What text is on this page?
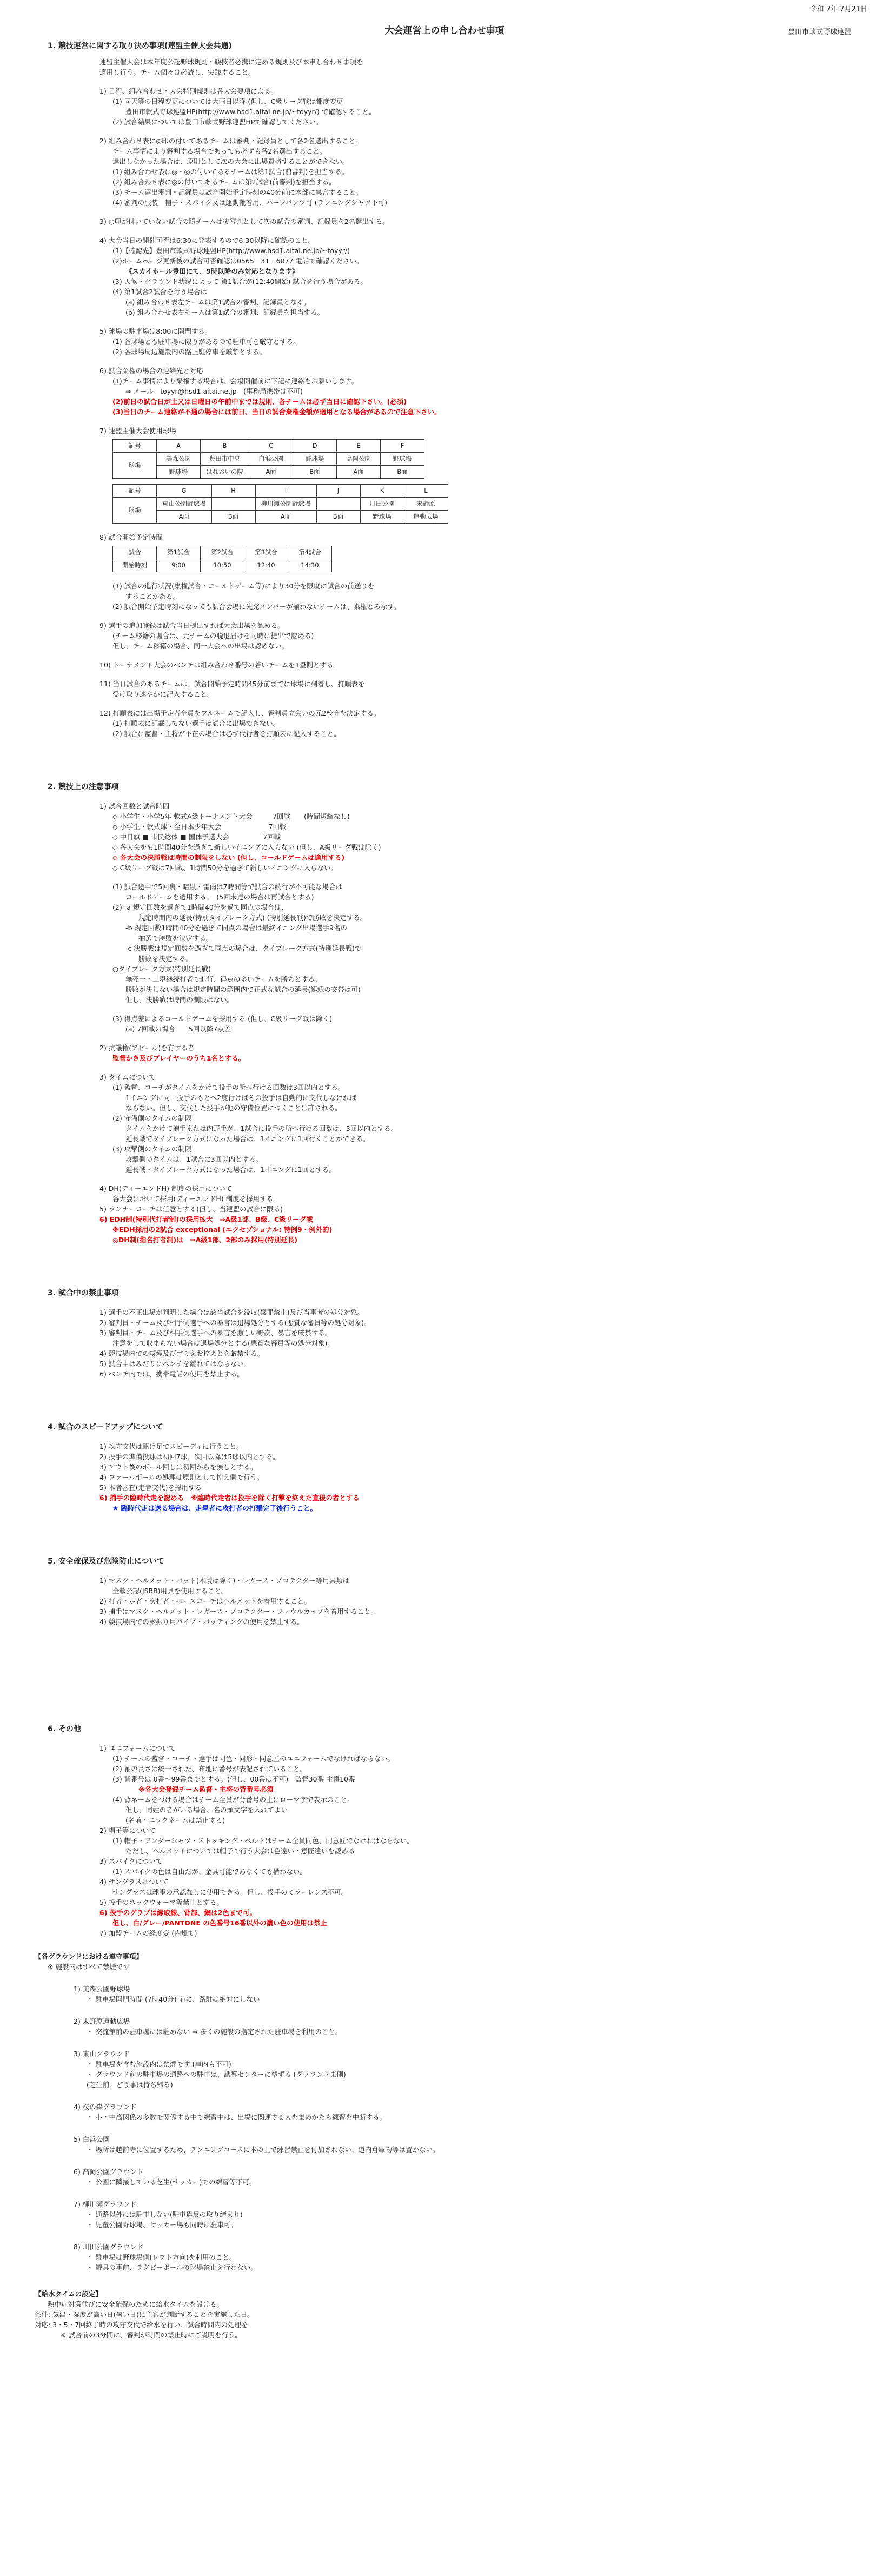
令和 7年 7月21日
大会運営上の申し合わせ事項	豊田市軟式野球連盟
1. 競技運営に関する取り決め事項(連盟主催大会共通)
連盟主催大会は本年度公認野球規則・競技者必携に定める規則及び本申し合わせ事項を
適用し行う。チーム個々は必読し、実践すること。
1) 日程、組み合わせ・大会特別規則は各大会要項による。
(1) 同天等の日程変更については大雨日以降 (但し、C級リーグ戦は都度変更
豊田市軟式野球連盟HP(http://www.hsd1.aitai.ne.jp/~toyyr/) で確認すること。
(2) 試合結果については豊田市軟式野球連盟HPで確認してください。
2) 組み合わせ表に◎印の付いてあるチームは審判・記録員として各2名選出すること。
チーム事情により審判する場合であっても必ずも各2名選出すること。
選出しなかった場合は、原則として次の大会に出場資格することができない。
(1) 組み合わせ表に◎・◎の付いてあるチームは第1試合(前審判)を担当する。
(2) 組み合わせ表に◎の付いてあるチームは第2試合(前審判)を担当する。
(3) チーム選出審判・記録員は試合開始予定時刻の40分前に本部に集合すること。
(4) 審判の服装　帽子・スパイク又は運動靴着用、ハーフパンツ可 (ランニングシャツ不可)
3) ○印が付いていない試合の勝チームは後審判として次の試合の審判、記録員を2名選出する。
4) 大会当日の開催可否は6:30に発表するので6:30以降に確認のこと。
(1)【確認先】豊田市軟式野球連盟HP(http://www.hsd1.aitai.ne.jp/~toyyr/)
(2)ホームページ更新後の試合可否確認は0565－31－6077 電話で確認ください。
《スカイホール豊田にて、9時以降のみ対応となります》
(3) 天候・グラウンド状況によって 第1試合が(12:40開始) 試合を行う場合がある。
(4) 第1試合2試合を行う場合は
(a) 組み合わせ表左チームは第1試合の審判、記録員となる。
(b) 組み合わせ表右チームは第1試合の審判、記録員を担当する。
5) 球場の駐車場は8:00に開門する。
(1) 各球場とも駐車場に限りがあるので駐車可を厳守とする。
(2) 各球場周辺施設内の路上駐停車を厳禁とする。
6) 試合棄権の場合の連絡先と対応
(1)チーム事情により棄権する場合は、会場開催前に下記に連絡をお願いします。
⇒ メール　toyyr@hsd1.aitai.ne.jp　(事務局携帯は不可)
(2)前日の試合日が土又は日曜日の午前中までは規則、各チームは必ず当日に確認下さい。(必須)
(3)当日のチーム連絡が不通の場合には前日、当日の試合棄権金額が適用となる場合があるので注意下さい。
7) 連盟主催大会使用球場
記号	A	B	C	D	E	F
球場	美森公園	豊田市中央	白浜公園	野球場	高岡公園	野球場
	野球場	はれおいの院	A面	B面	A面	B面
記号	G	H	I	J	K	L
球場	東山公園野球場		柳川瀬公園野球場		川田公園	末野原
	A面	B面	A面	B面	野球場	運動広場
8) 試合開始予定時間
試合	第1試合	第2試合	第3試合	第4試合
開始時刻	9:00	10:50	12:40	14:30
(1) 試合の進行状況(集権試合・コールドゲーム等)により30分を限度に試合の前送りを
することがある。
(2) 試合開始予定時刻になっても試合会場に先発メンバーが揃わないチームは、棄権とみなす。
9) 選手の追加登録は試合当日提出すれば大会出場を認める。
(チーム移籍の場合は、元チームの脱退届けを同時に提出で認める)
但し、チーム移籍の場合、同一大会への出場は認めない。
10) トーナメント大会のベンチは組み合わせ番号の若いチームを1塁側とする。
11) 当日試合のあるチームは、試合開始予定時間45分前までに球場に到着し、打順表を
受け取り速やかに記入すること。
12) 打順表には出場予定者全員をフルネームで記入し、審判員立会いの元2校守を決定する。
(1) 打順表に記載してない選手は試合に出場できない。
(2) 試合に監督・主将が不在の場合は必ず代行者を打順表に記入すること。
2. 競技上の注意事項
1) 試合回数と試合時間
◇ 小学生・小学5年 軟式A級トーナメント大会　　　7回戦　　(時間短縮なし)
◇ 小学生・軟式球・全日本少年大会　　　　　　　7回戦
◇ 中日旗 ■ 市民総体 ■ 国体予選大会　　　　　7回戦
◇ 各大会をも1時間40分を過ぎて新しいイニングに入らない (但し、A級リーグ戦は除く)
◇ 各大会の決勝戦は時間の制限をしない (但し、コールドゲームは適用する)
◇ C級リーグ戦は7回戦、1時間50分を過ぎて新しいイニングに入らない。
(1) 試合途中で5回裏・暗黒・雷雨は7時間等で試合の続行が不可能な場合は
コールドゲームを適用する。　(5回未達の場合は再試合とする)
(2) -a 規定回数を過ぎて1時間40分を過て同点の場合は、
規定時間内の延長(特別タイブレーク方式) (特別延長戦)で勝敗を決定する。
-b 規定回数1時間40分を過ぎて同点の場合は最終イニング出場選手9名の
抽選で勝敗を決定する。
-c 決勝戦は規定回数を過ぎて同点の場合は、タイブレーク方式(特別延長戦)で
勝敗を決定する。
○タイブレーク方式(特別延長戦)
無死一・二塁継続打者で進行、得点の多いチームを勝ちとする。
勝敗が決しない場合は規定時間の範囲内で正式な試合の延長(連続の交替は可)
但し、決勝戦は時間の制限はない。
(3) 得点差によるコールドゲームを採用する (但し、C級リーグ戦は除く)
(a) 7回戦の場合　　5回以降7点差
2) 抗議権(アピール)を有する者
監督かき及びプレイヤーのうち1名とする。
3) タイムについて
(1) 監督、コーチがタイムをかけて投手の所へ行ける回数は3回以内とする。
1イニングに同一投手のもとへ2度行けばその投手は自動的に交代しなければ
ならない。但し、交代した投手が他の守備位置につくことは許される。
(2) 守備側のタイムの制限
タイムをかけて捕手または内野手が、1試合に投手の所へ行ける回数は、3回以内とする。
延長戦でタイブレーク方式になった場合は、1イニングに1回行くことができる。
(3) 攻撃側のタイムの制限
攻撃側のタイムは、1試合に3回以内とする。
延長戦・タイブレーク方式になった場合は、1イニングに1回とする。
4) DH(ディーエンドH) 制度の採用について
各大会において採用(ディーエンドH) 制度を採用する。
5) ランナーコーチは任意とする(但し、当連盟の試合に限る)
6) EDH制(特別代打者制)の採用拡大　⇒A級1部、B級、C級リーグ戦
※EDH採用の2試合 exceptional (エクセプショナル: 特例9・例外的)
◎DH制(指名打者制)は　⇒A級1部、2部のみ採用(特別延長)
3. 試合中の禁止事項
1) 選手の不正出場が判明した場合は該当試合を没収(棄罪禁止)及び当事者の処分対象。
2) 審判員・チーム及び相手側選手への暴言は退場処分とする(悪質な審員等の処分対象)。
3) 審判員・チーム及び相手側選手への暴言を激しい野次、暴言を厳禁する。
注意をして収まらない場合は退場処分とする(悪質な審員等の処分対象)。
4) 競技場内での喫煙及びゴミをお控えとを厳禁する。
5) 試合中はみだりにベンチを離れてはならない。
6) ベンチ内では、携帯電話の使用を禁止する。
4. 試合のスピードアップについて
1) 攻守交代は駆け足でスピーディに行うこと。
2) 投手の準備投球は初回7球、次回以降は5球以内とする。
3) アウト後のボール回しは初回からを無しとする。
4) ファールボールの処理は原則として控え側で行う。
5) 本者審査(走者交代)を採用する
6) 捕手の臨時代走を認める　※臨時代走者は投手を除く打撃を終えた直後の者とする
★ 臨時代走は送る場合は、走塁者に攻打者の打撃完了後行うこと。
5. 安全確保及び危険防止について
1) マスク・ヘルメット・バット(木製は除く)・レガース・プロテクター等用具類は
全軟公認(JSBB)用具を使用すること。
2) 打者・走者・次打者・ベースコーチはヘルメットを着用すること。
3) 捕手はマスク・ヘルメット・レガース・プロテクター・ファウルカップを着用すること。
4) 競技場内での素振り用パイプ・バッティングの使用を禁止する。
6. その他
1) ユニフォームについて
(1) チームの監督・コーチ・選手は同色・同形・同意匠のユニフォームでなければならない。
(2) 袖の長さは統一された、布地に番号が表記されていること。
(3) 背番号は 0番〜99番までとする。(但し、00番は不可)　監督30番 主将10番
※各大会登録チーム監督・主将の背番号必須
(4) 背ネームをつける場合はチーム全員が背番号の上にローマ字で表示のこと。
但し、同姓の者がいる場合、名の頭文字を入れてよい
(名前・ニックネームは禁止する)
2) 帽子等について
(1) 帽子・アンダーシャツ・ストッキング・ベルトはチーム全員同色、同意匠でなければならない。
ただし、ヘルメットについては帽子で行う大会は色違い・意匠違いを認める
3) スパイクについて
(1) スパイクの色は自由だが、金具可能であなくても構わない。
4) サングラスについて
サングラスは球審の承認なしに使用できる。但し、投手のミラーレンズ不可。
5) 投手のネックウォーマ等禁止とする。
6) 投手のグラブは縁取線、背部、網は2色まで可。
但し、白/グレー/PANTONE の色番号16番以外の濃い色の使用は禁止
7) 加盟チームの経度変 (内規で)
【各グラウンドにおける遵守事項】
※ 施設内はすべて禁煙です
1) 美森公園野球場
・ 駐車場開門時間 (7時40分) 前に、路駐は絶対にしない
2) 末野原運動広場
・ 交流館前の駐車場には駐めない ⇒ 多くの施設の指定された駐車場を利用のこと。
3) 東山グラウンド
・ 駐車場を含む施設内は禁煙です (車内も不可)
・ グラウンド前の駐車場の通路への駐車は、誘導センターに準ずる (グラウンド東側)
(芝生前、どう事は持ち帰る)
4) 桜の森グラウンド
・ 小・中高関係の多数で関係する中で練習中は、出場に関連する人を集めかたも練習を中断する。
5) 白浜公園
・ 場所は越前寺に位置するため、ランニングコースに本の上で練習禁止を付加されない、道内倉庫物等は置かない。
6) 高岡公園グラウンド
・ 公園に隣接している芝生(サッカー)での練習等不可。
7) 柳川瀬グラウンド
・ 通路以外には駐車しない(駐車違反の取り締まり)
・ 児童公園野球場、サッカー場も同時に駐車可。
8) 川田公園グラウンド
・ 駐車場は野球場側(レフト方向)を利用のこと。
・ 遊具の事前、ラグビーボールの球場禁止を行わない。
【給水タイムの設定】
熱中症対策並びに安全確保のために給水タイムを設ける。
条件: 気温・湿度が高い日(暑い日)に主審が判断することを実施した日。
対応: 3・5・7回終了時の攻守交代で給水を行い、試合時間内の処理を
※ 試合前の3分間に、審判が時間の禁止時にご説明を行う。
